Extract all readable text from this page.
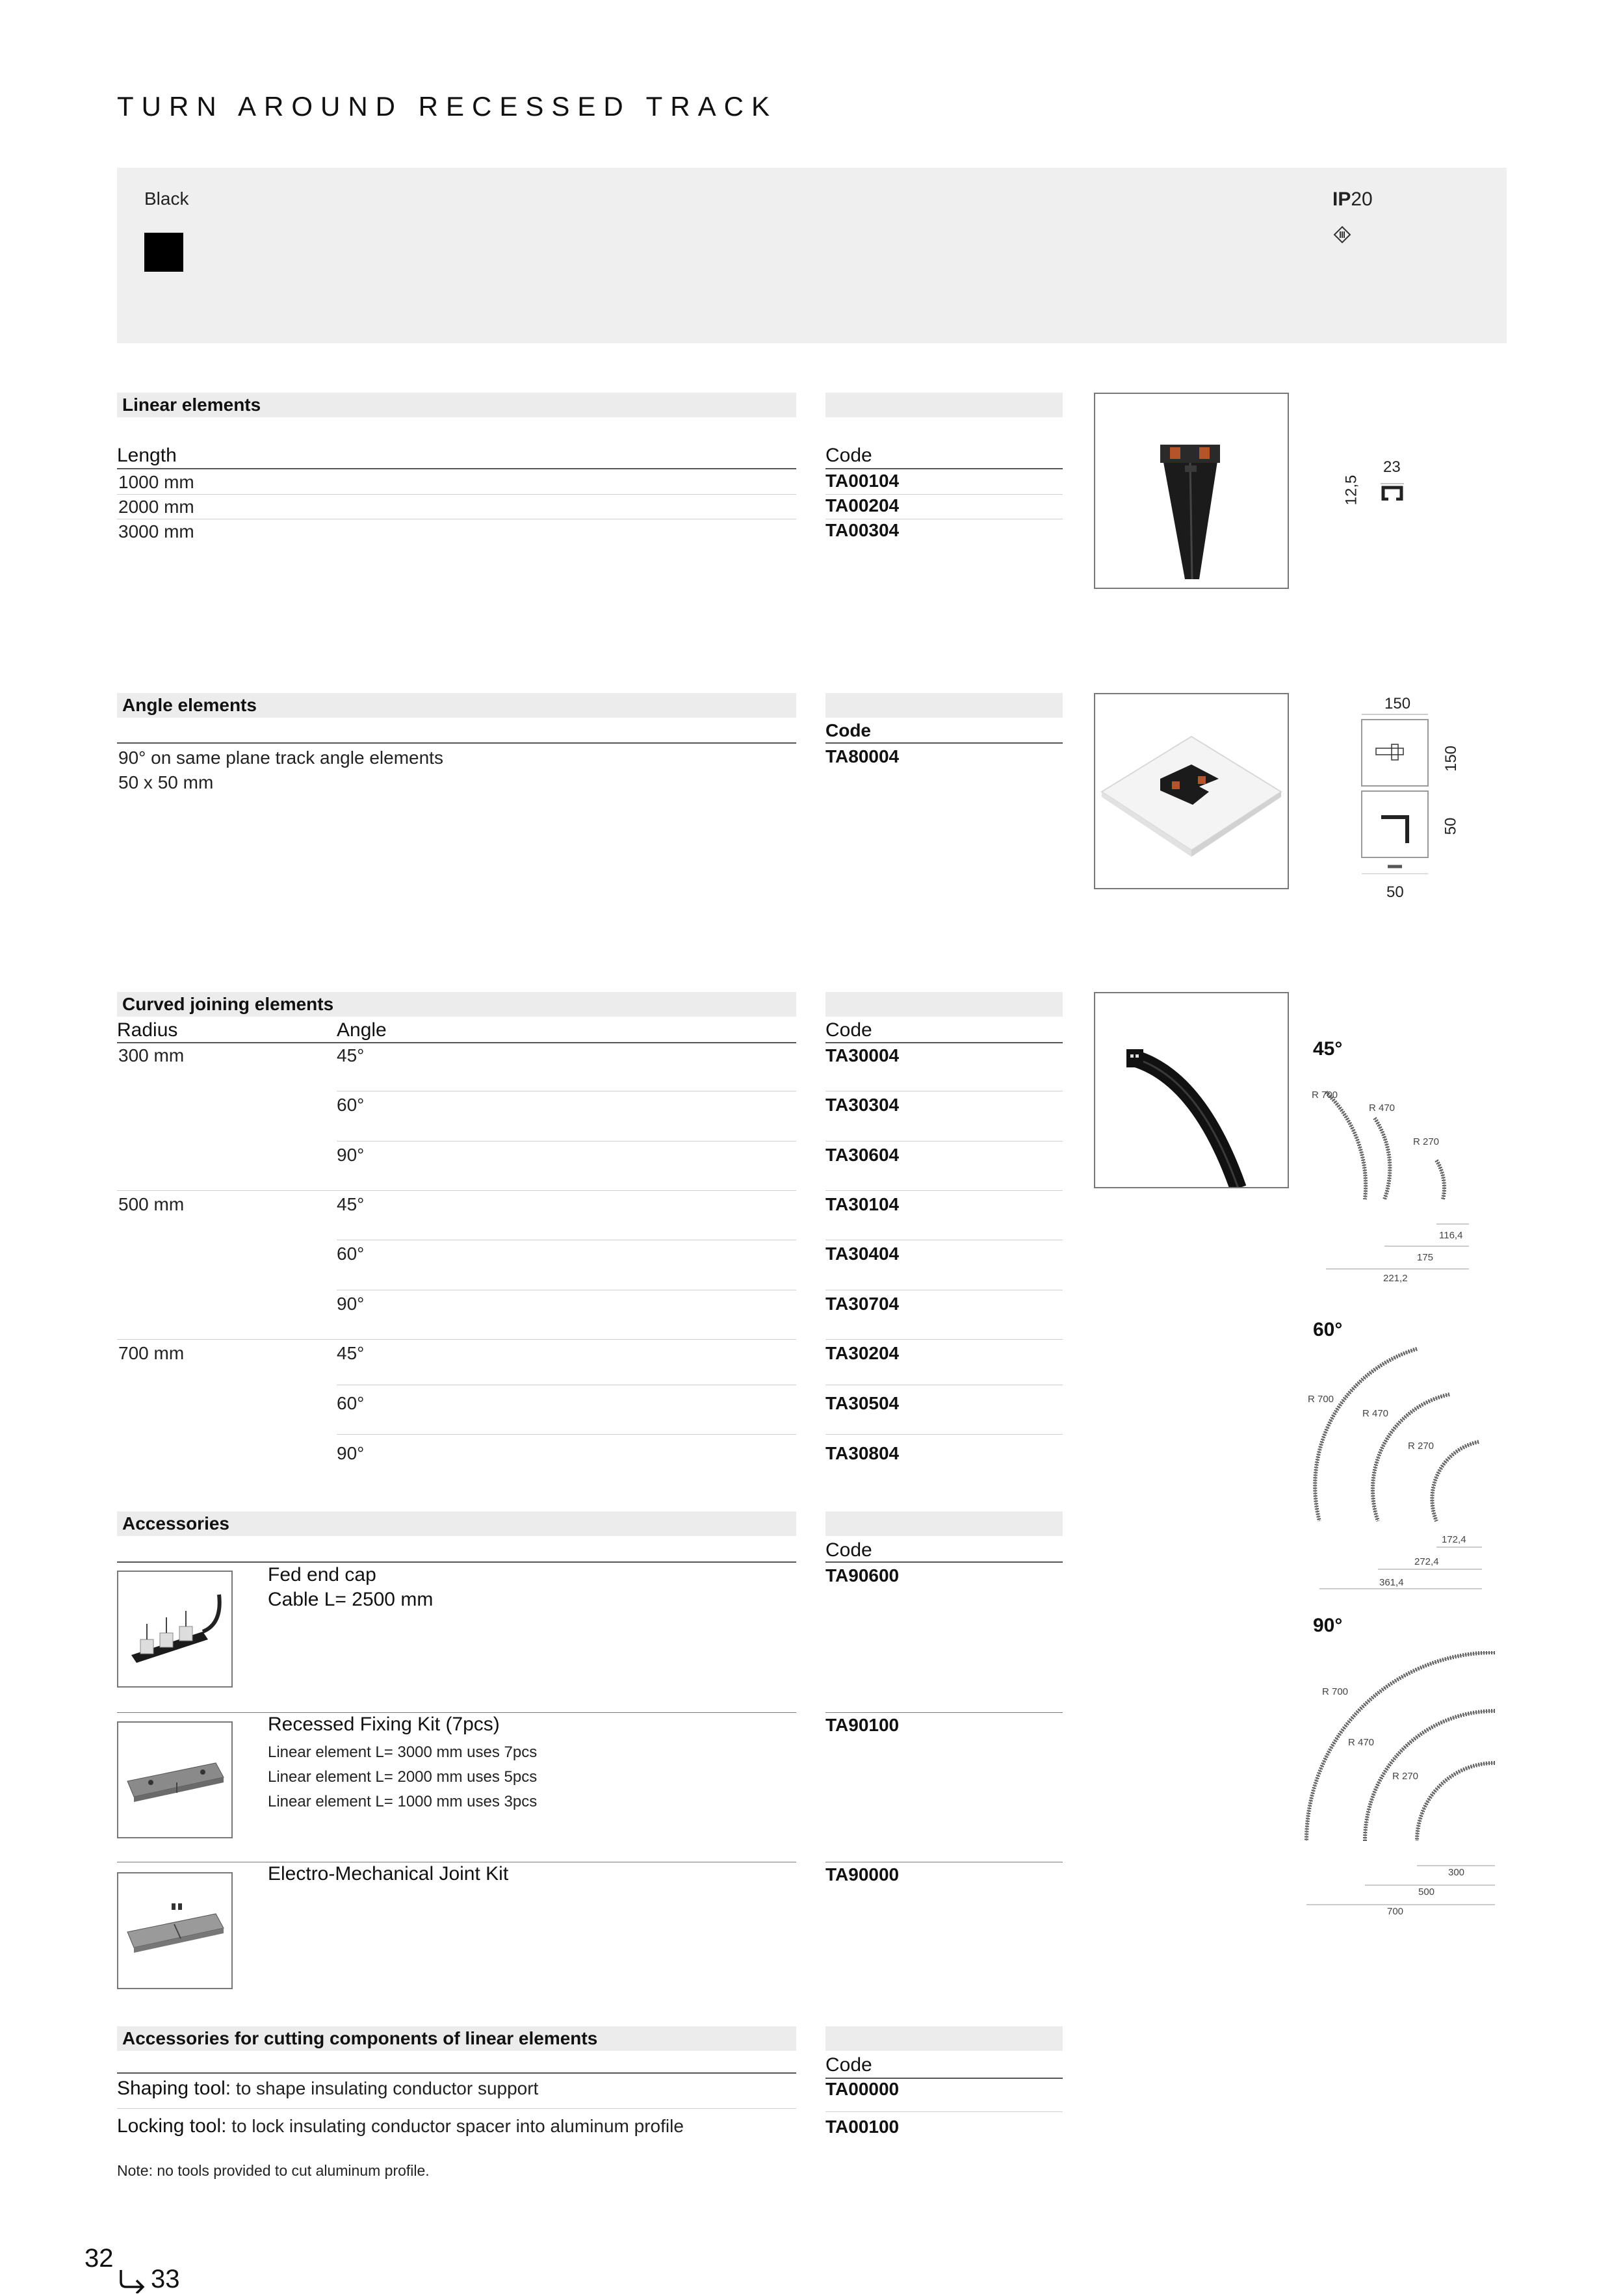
TURN AROUND RECESSED TRACK
Black	IP20
Linear elements
Length	Code
1000 mm	TA00104
2000 mm	TA00204
3000 mm	TA00304
23
12,5
Angle elements
Code
90° on same plane track angle elements
50 x 50 mm
TA80004
150
150
50
50
Curved joining elements
Radius	Angle	Code
300 mm	45°	TA30004
60°	TA30304
90°	TA30604
500 mm	45°	TA30104
60°	TA30404
90°	TA30704
700 mm	45°	TA30204
60°	TA30504
90°	TA30804
45°
R 700
R 470
R 270
116,4
175
221,2
60°
R 700
R 470
R 270
172,4
272,4
361,4
90°
R 700
R 470
R 270
300
500
700
Accessories
Code
Fed end cap
Cable L= 2500 mm
TA90600
Recessed Fixing Kit (7pcs)
Linear element L= 3000 mm uses 7pcs
Linear element L= 2000 mm uses 5pcs
Linear element L= 1000 mm uses 3pcs
TA90100
Electro-Mechanical Joint Kit	TA90000
Accessories for cutting components of linear elements
Code
Shaping tool: to shape insulating conductor support	TA00000
Locking tool: to lock insulating conductor spacer into aluminum profile	TA00100
Note: no tools provided to cut aluminum profile.
32
33
